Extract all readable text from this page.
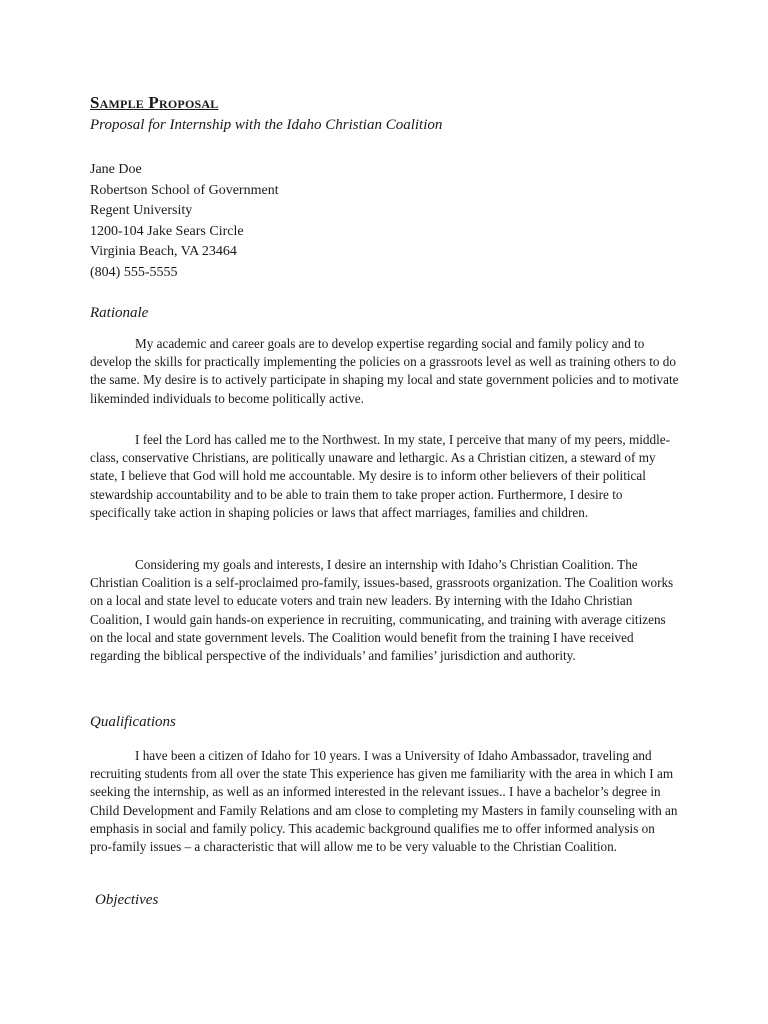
Sample Proposal
Proposal for Internship with the Idaho Christian Coalition
Jane Doe
Robertson School of Government
Regent University
1200-104 Jake Sears Circle
Virginia Beach, VA 23464
(804) 555-5555
Rationale
My academic and career goals are to develop expertise regarding social and family policy and to develop the skills for practically implementing the policies on a grassroots level as well as training others to do the same. My desire is to actively participate in shaping my local and state government policies and to motivate likeminded individuals to become politically active.
I feel the Lord has called me to the Northwest. In my state, I perceive that many of my peers, middle-class, conservative Christians, are politically unaware and lethargic. As a Christian citizen, a steward of my state, I believe that God will hold me accountable. My desire is to inform other believers of their political stewardship accountability and to be able to train them to take proper action. Furthermore, I desire to specifically take action in shaping policies or laws that affect marriages, families and children.
Considering my goals and interests, I desire an internship with Idaho’s Christian Coalition. The Christian Coalition is a self-proclaimed pro-family, issues-based, grassroots organization. The Coalition works on a local and state level to educate voters and train new leaders. By interning with the Idaho Christian Coalition, I would gain hands-on experience in recruiting, communicating, and training with average citizens on the local and state government levels. The Coalition would benefit from the training I have received regarding the biblical perspective of the individuals’ and families’ jurisdiction and authority.
Qualifications
I have been a citizen of Idaho for 10 years. I was a University of Idaho Ambassador, traveling and recruiting students from all over the state This experience has given me familiarity with the area in which I am seeking the internship, as well as an informed interested in the relevant issues.. I have a bachelor’s degree in Child Development and Family Relations and am close to completing my Masters in family counseling with an emphasis in social and family policy. This academic background qualifies me to offer informed analysis on pro-family issues – a characteristic that will allow me to be very valuable to the Christian Coalition.
Objectives
